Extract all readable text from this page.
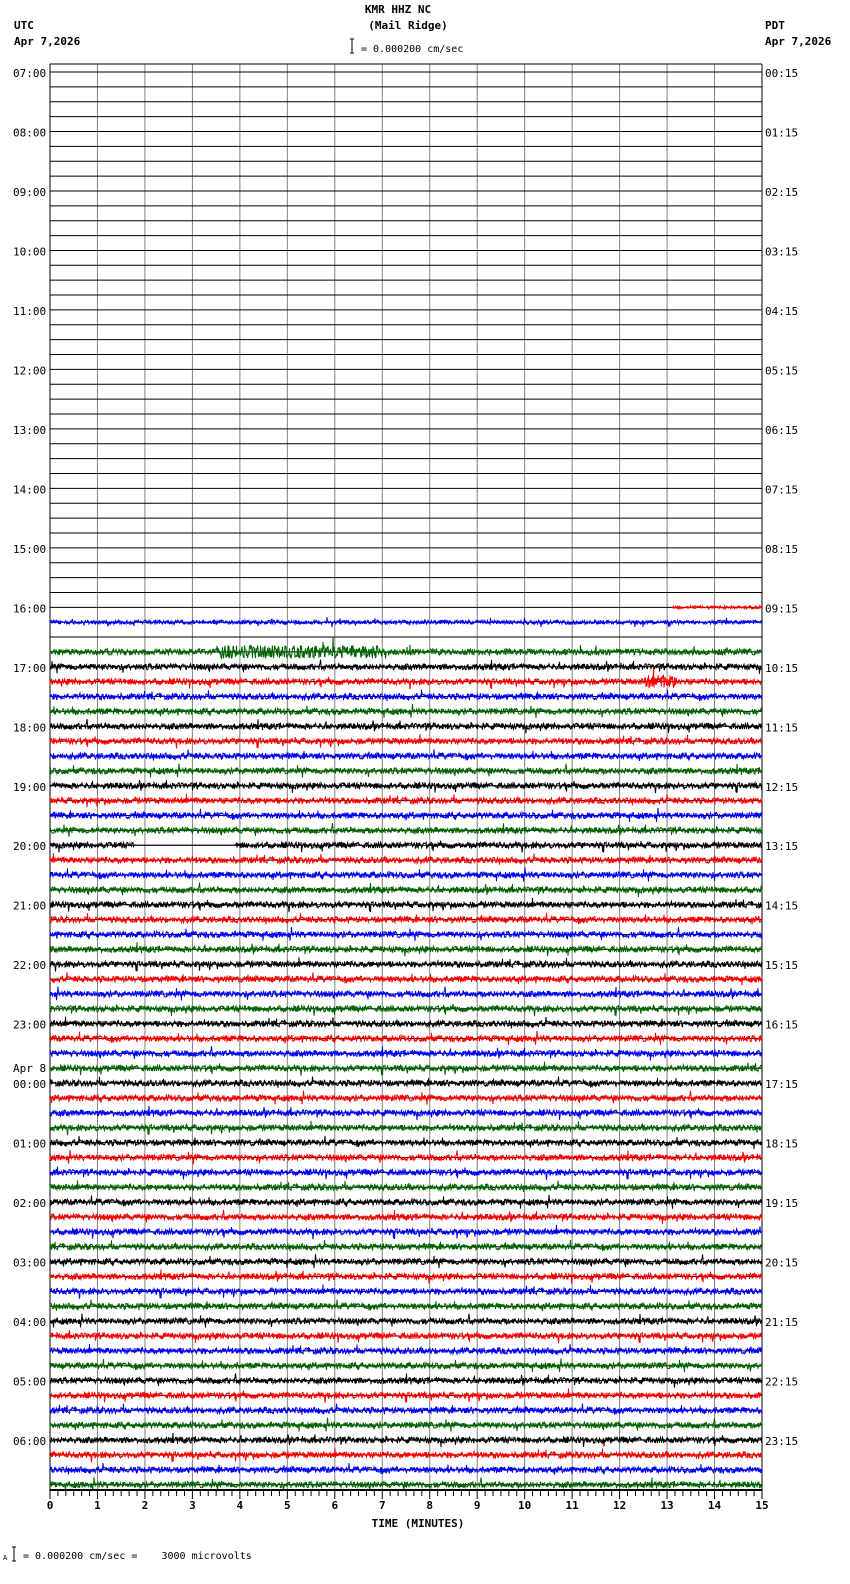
KMR HHZ NC
(Mail Ridge)
UTC
Apr 7,2026
PDT
Apr 7,2026
= 0.000200 cm/sec
07:00
08:00
09:00
10:00
11:00
12:00
13:00
14:00
15:00
16:00
17:00
18:00
19:00
20:00
21:00
22:00
23:00
00:00
Apr 8
01:00
02:00
03:00
04:00
05:00
06:00
00:15
01:15
02:15
03:15
04:15
05:15
06:15
07:15
08:15
09:15
10:15
11:15
12:15
13:15
14:15
15:15
16:15
17:15
18:15
19:15
20:15
21:15
22:15
23:15
0	1	2	3	4	5	6	7	8	9	10	11	12	13	14	15
TIME (MINUTES)
A = 0.000200 cm/sec =    3000 microvolts
